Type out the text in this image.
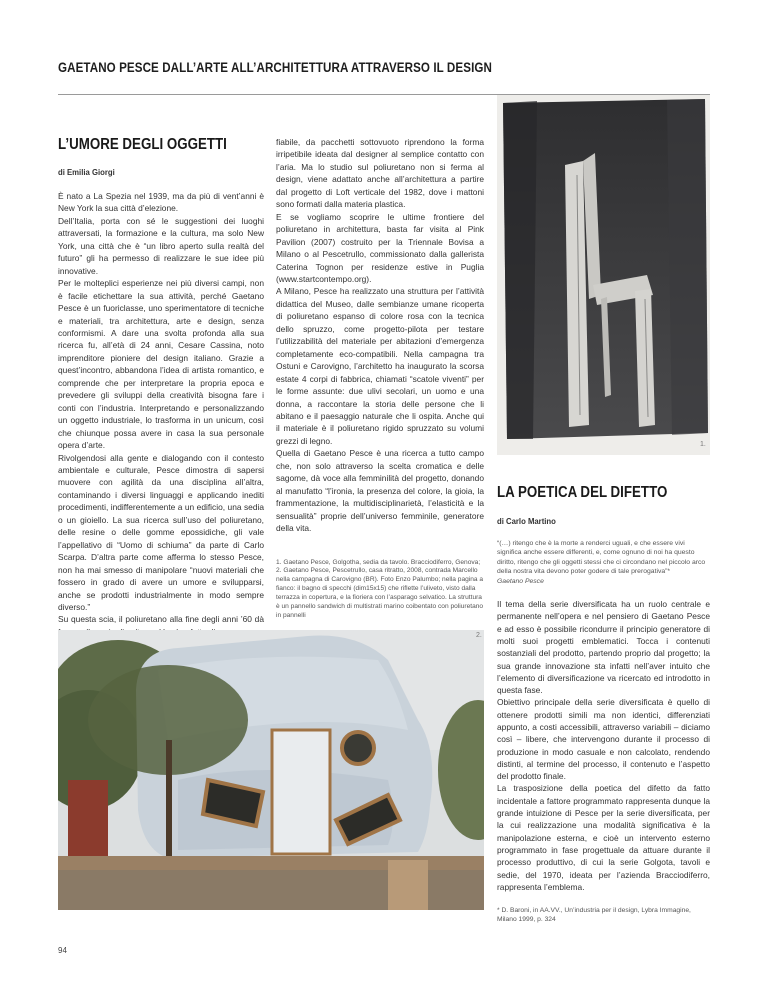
GAETANO PESCE DALL’ARTE ALL’ARCHITETTURA ATTRAVERSO IL DESIGN
L’UMORE DEGLI OGGETTI
di Emilia Giorgi

È nato a La Spezia nel 1939, ma da più di vent’anni è New York la sua città d’elezione.

Dell’Italia, porta con sé le suggestioni dei luoghi attraversati, la formazione e la cultura, ma solo New York, una città che è “un libro aperto sulla realtà del futuro” gli ha permesso di realizzare le sue idee più innovative.

Per le molteplici esperienze nei più diversi campi, non è facile etichettare la sua attività, perché Gaetano Pesce è un fuoriclasse, uno sperimentatore di tecniche e materiali, tra architettura, arte e design, senza conformismi. A dare una svolta profonda alla sua ricerca fu, all’età di 24 anni, Cesare Cassina, noto imprenditore pioniere del design italiano. Grazie a quest’incontro, abbandona l’idea di artista romantico, e comprende che per interpretare la propria epoca e prevedere gli sviluppi della creatività bisogna fare i conti con l’industria. Interpretando e personalizzando un oggetto industriale, lo trasforma in un unicum, così che chiunque possa avere in casa la sua personale opera d’arte.

Rivolgendosi alla gente e dialogando con il contesto ambientale e culturale, Pesce dimostra di sapersi muovere con agilità da una disciplina all’altra, contaminando i diversi linguaggi e applicando inediti procedimenti, indifferentemente a un edificio, una sedia o un gioiello. La sua ricerca sull’uso del poliuretano, delle resine o delle gomme epossidiche, gli vale l’appellativo di “Uomo di schiuma” da parte di Carlo Scarpa. D’altra parte come afferma lo stesso Pesce, non ha mai smesso di manipolare “nuovi materiali che fossero in grado di avere un umore e svilupparsi, anche se prodotti industrialmente in modo sempre diverso.”

Su questa scia, il poliuretano alla fine degli anni ’60 dà

fiabile, da pacchetti sottovuoto riprendono la forma irripetibile ideata dal designer al semplice contatto con l’aria. Ma lo studio sul poliuretano non si ferma al design, viene adattato anche all’architettura a partire dal progetto di Loft verticale del 1982, dove i mattoni sono formati dalla materia plastica.

E se vogliamo scoprire le ultime frontiere del poliuretano in architettura, basta far visita al Pink Pavilion (2007) costruito per la Triennale Bovisa a Milano o al Pescetrullo, commissionato dalla gallerista Caterina Tognon per residenze estive in Puglia (www.startcontempo.org).

A Milano, Pesce ha realizzato una struttura per l’attività didattica del Museo, dalle sembianze umane ricoperta di poliuretano espanso di colore rosa con la tecnica dello spruzzo, come progetto-pilota per testare l’utilizzabilità del materiale per abitazioni d’emergenza completamente eco-compatibili. Nella campagna tra Ostuni e Carovigno, l’architetto ha inaugurato la scorsa estate 4 corpi di fabbrica, chiamati “scatole viventi” per le forme assunte: due ulivi secolari, un uomo e una donna, a raccontare la storia delle persone che li abitano e il paesaggio naturale che li ospita. Anche qui il materiale è il poliuretano rigido spruzzato su volumi grezzi di legno.

Quella di Gaetano Pesce è una ricerca a tutto campo che, non solo attraverso la scelta cromatica e delle sagome, dà voce alla femminilità del progetto, donando al manufatto “l’ironia, la presenza del colore, la gioia, la frammentazione, la multidisciplinarietà, l’elasticità e la sensualità” proprie dell’universo femminile, generatore della vita.

1. Gaetano Pesce, Golgotha, sedia da tavolo. Bracciodiferro, Genova; 2. Gaetano Pesce, Pescetrullo, casa ritratto, 2008, contrada Marcello nella campagna di Carovigno (BR). Foto Enzo Palumbo; nella pagina a fianco: il bagno di specchi (dim15x15) che riflette l’uliveto, visto dalla terrazza in copertura, e la fioriera con l’asparago selvatico. La struttura è un pannello sandwich di multistrati marino coibentato con poliuretano in pannelli

1.
LA POETICA DEL DIFETTO
di Carlo Martino
“(…) ritengo che è la morte a renderci uguali, e che essere vivi significa anche essere differenti, e, come ognuno di noi ha questo diritto, ritengo che gli oggetti stessi che ci circondano nel piccolo arco della nostra vita devono poter godere di tale prerogativa”*
Gaetano Pesce

Il tema della serie diversificata ha un ruolo centrale e permanente nell’opera e nel pensiero di Gaetano Pesce e ad esso è possibile ricondurre il principio generatore di molti suoi progetti emblematici. Tocca i contenuti sostanziali del prodotto, partendo proprio dal progetto; la sua grande innovazione sta infatti nell’aver intuito che l’elemento di diversificazione va ricercato ed introdotto in questa fase.

Obiettivo principale della serie diversificata è quello di ottenere prodotti simili ma non identici, differenziati appunto, a costi accessibili, attraverso variabili – diciamo così – libere, che intervengono durante il processo di produzione in modo casuale e non calcolato, rendendo distinti, al termine del processo, il contenuto e l’aspetto del prodotto finale.

La trasposizione della poetica del difetto da fatto incidentale a fattore programmato rappresenta dunque la grande intuizione di Pesce per la serie diversificata, per la cui realizzazione una modalità significativa è la manipolazione esterna, e cioè un intervento esterno programmato in fase progettuale da attuare durante il processo produttivo, di cui la serie Golgota, tavoli e sedie, del 1970, ideata per l’azienda Bracciodiferro, rappresenta l’emblema.

* D. Baroni, in AA.VV., Un’industria per il design, Lybra Immagine, Milano 1999, p. 324
2.
94
